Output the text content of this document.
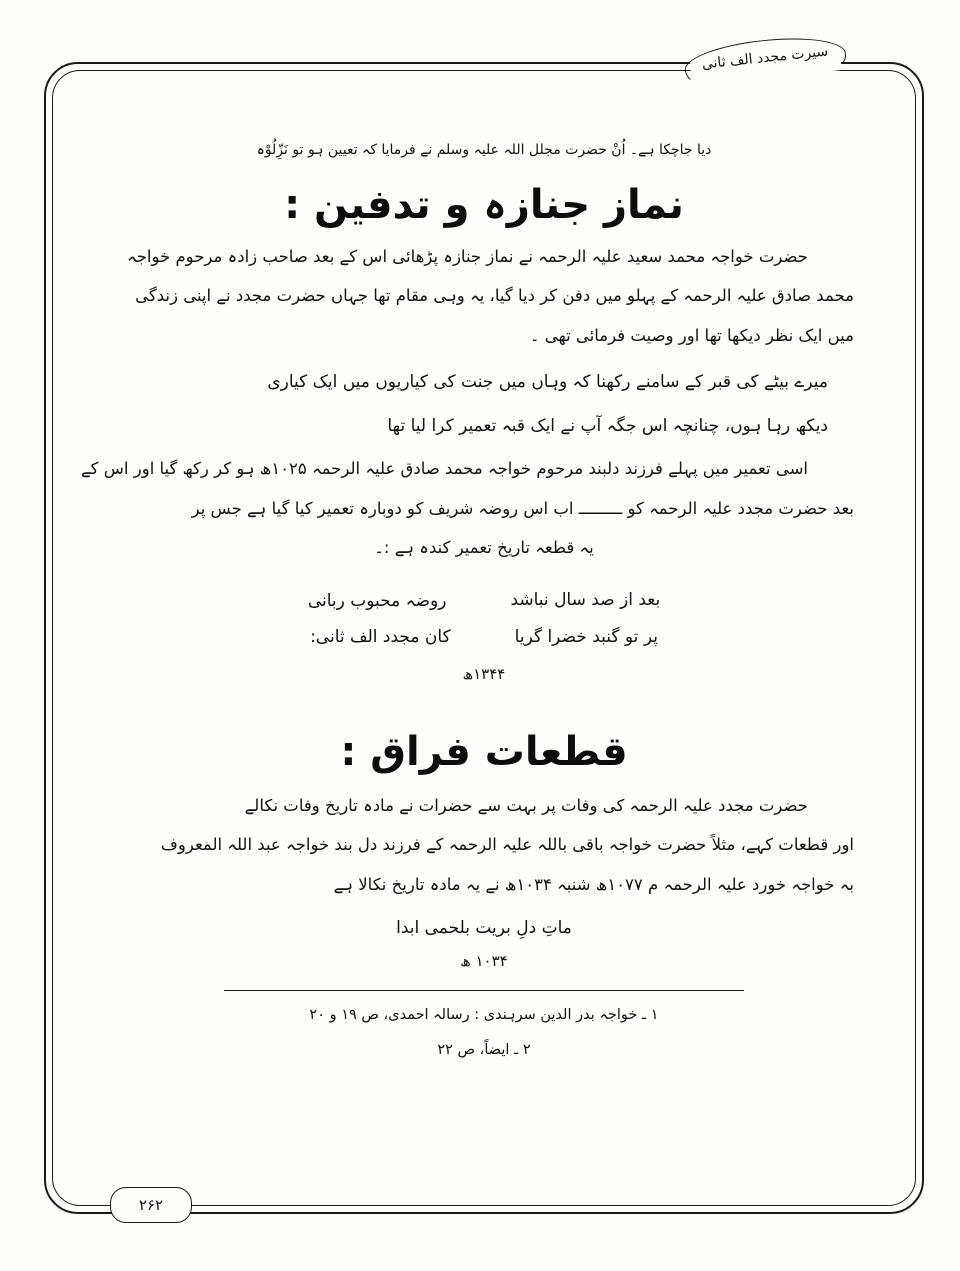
سیرت مجدد الف ثانی
دیا جاچکا ہے۔ اُنْ حضرت مجلل اللہ علیہ وسلم نے فرمایا کہ تعیین ہو تو نَزِّلُوْہ
نماز جنازہ و تدفین :
حضرت خواجہ محمد سعید علیہ الرحمہ نے نماز جنازہ پڑھائی اس کے بعد صاحب زادہ مرحوم خواجہ
محمد صادق علیہ الرحمہ کے پہلو میں دفن کر دیا گیا، یہ وہی مقام تھا جہاں حضرت مجدد نے اپنی زندگی
میں ایک نظر دیکھا تھا اور وصیت فرمائی تھی ۔
میرے بیٹے کی قبر کے سامنے رکھنا کہ وہاں میں جنت کی کیاریوں میں ایک کیاری
دیکھ رہا ہوں، چنانچہ اس جگہ آپ نے ایک قبہ تعمیر کرا لیا تھا
اسی تعمیر میں پہلے فرزند دلبند مرحوم خواجہ محمد صادق علیہ الرحمہ ۱۰۲۵ھ ہو کر رکھ گیا اور اس کے
بعد حضرت مجدد علیہ الرحمہ کو ـــــــــ اب اس روضہ شریف کو دوبارہ تعمیر کیا گیا ہے جس پر
یہ قطعہ تاریخ تعمیر کندہ ہے :۔
بعد از صد سال نباشد
روضہ محبوب ربانی
پر تو گنبد خضرا گریا
کان مجدد الف ثانی:
۱۳۴۴ھ
قطعات فراق :
حضرت مجدد علیہ الرحمہ کی وفات پر بہت سے حضرات نے مادہ تاریخ وفات نکالے
اور قطعات کہے، مثلاً حضرت خواجہ باقی باللہ علیہ الرحمہ کے فرزند دل بند خواجہ عبد اللہ المعروف
بہ خواجہ خورد علیہ الرحمہ م ۱۰۷۷ھ شنبہ ۱۰۳۴ھ نے یہ مادہ تاریخ نکالا ہے
ماتِ دلِ بریت بلحمی ابدا
۱۰۳۴ ھ
۱ ـ خواجہ بدر الدین سرہندی : رسالہ احمدی، ص ۱۹ و ۲۰
۲ ـ ایضاً، ص ۲۲
۲۶۲
